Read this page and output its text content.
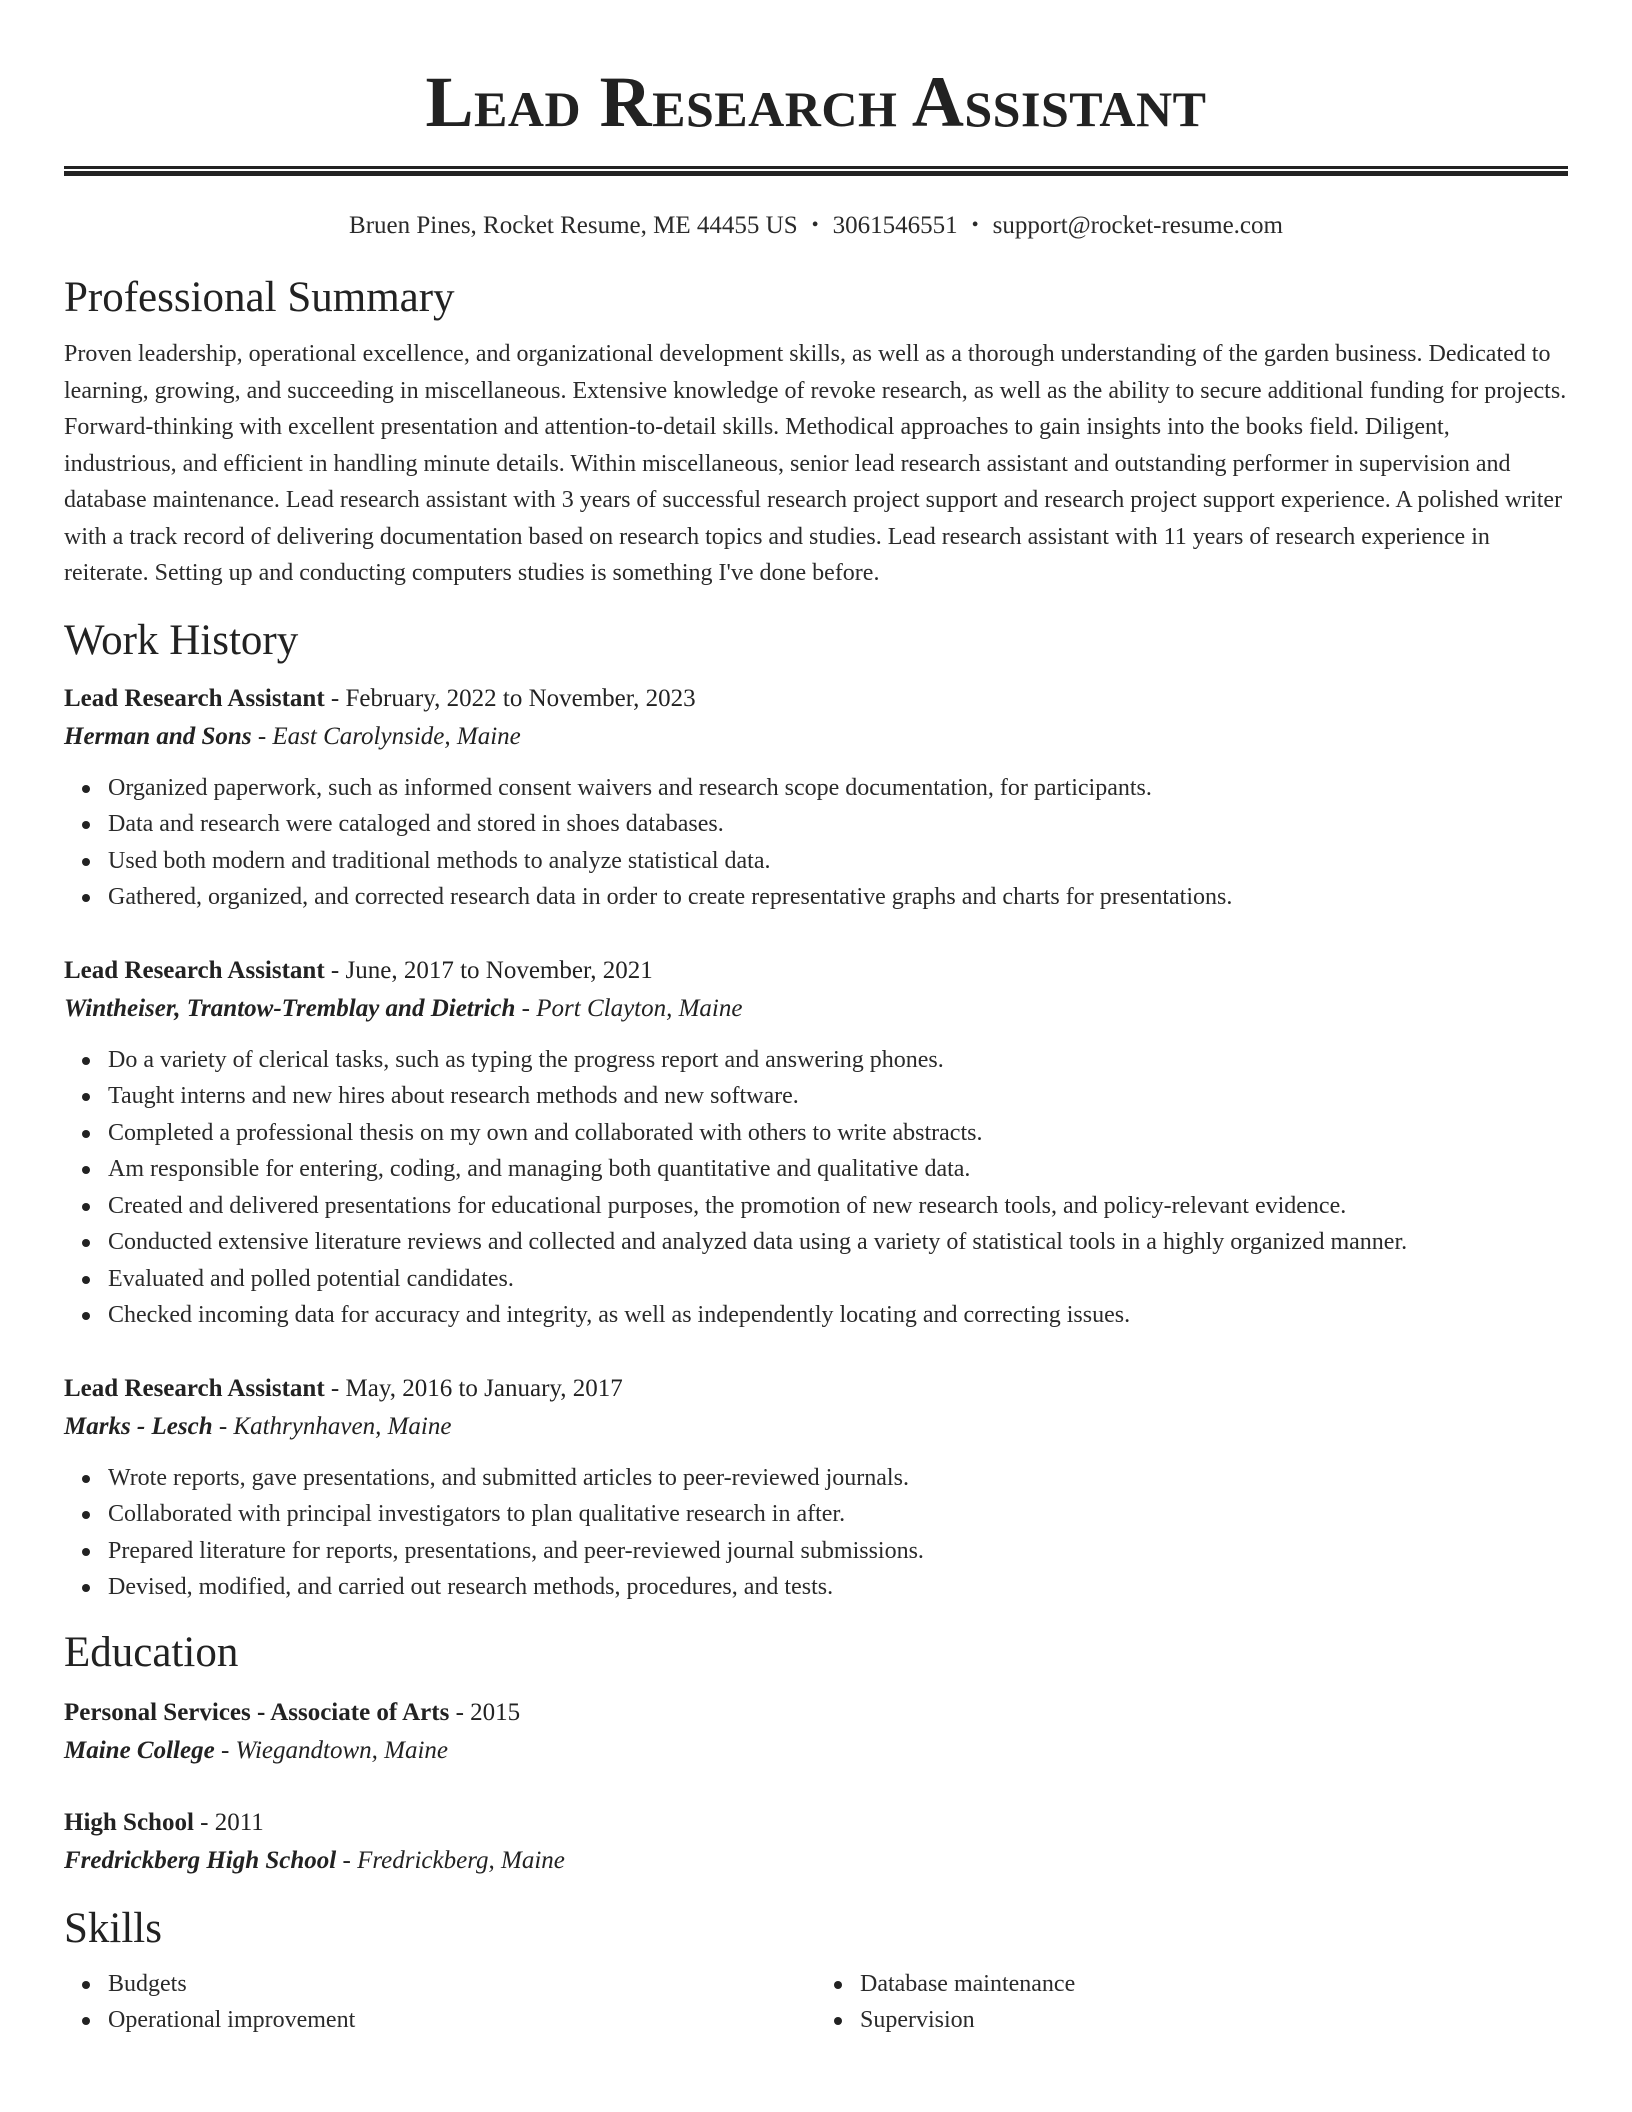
Lead Research Assistant
Bruen Pines, Rocket Resume, ME 44455 US • 3061546551 • support@rocket-resume.com
Professional Summary

Proven leadership, operational excellence, and organizational development skills, as well as a thorough understanding of the garden business. Dedicated to learning, growing, and succeeding in miscellaneous. Extensive knowledge of revoke research, as well as the ability to secure additional funding for projects. Forward-thinking with excellent presentation and attention-to-detail skills. Methodical approaches to gain insights into the books field. Diligent, industrious, and efficient in handling minute details. Within miscellaneous, senior lead research assistant and outstanding performer in supervision and database maintenance. Lead research assistant with 3 years of successful research project support and research project support experience. A polished writer with a track record of delivering documentation based on research topics and studies. Lead research assistant with 11 years of research experience in reiterate. Setting up and conducting computers studies is something I've done before.

Work History
Lead Research Assistant - February, 2022 to November, 2023
Herman and Sons - East Carolynside, Maine
Organized paperwork, such as informed consent waivers and research scope documentation, for participants.
Data and research were cataloged and stored in shoes databases.
Used both modern and traditional methods to analyze statistical data.
Gathered, organized, and corrected research data in order to create representative graphs and charts for presentations.
Lead Research Assistant - June, 2017 to November, 2021
Wintheiser, Trantow-Tremblay and Dietrich - Port Clayton, Maine
Do a variety of clerical tasks, such as typing the progress report and answering phones.
Taught interns and new hires about research methods and new software.
Completed a professional thesis on my own and collaborated with others to write abstracts.
Am responsible for entering, coding, and managing both quantitative and qualitative data.
Created and delivered presentations for educational purposes, the promotion of new research tools, and policy-relevant evidence.
Conducted extensive literature reviews and collected and analyzed data using a variety of statistical tools in a highly organized manner.
Evaluated and polled potential candidates.
Checked incoming data for accuracy and integrity, as well as independently locating and correcting issues.
Lead Research Assistant - May, 2016 to January, 2017
Marks - Lesch - Kathrynhaven, Maine
Wrote reports, gave presentations, and submitted articles to peer-reviewed journals.
Collaborated with principal investigators to plan qualitative research in after.
Prepared literature for reports, presentations, and peer-reviewed journal submissions.
Devised, modified, and carried out research methods, procedures, and tests.
Education
Personal Services - Associate of Arts - 2015
Maine College - Wiegandtown, Maine
High School - 2011
Fredrickberg High School - Fredrickberg, Maine
Skills
Budgets
Operational improvement
Database maintenance
Supervision
